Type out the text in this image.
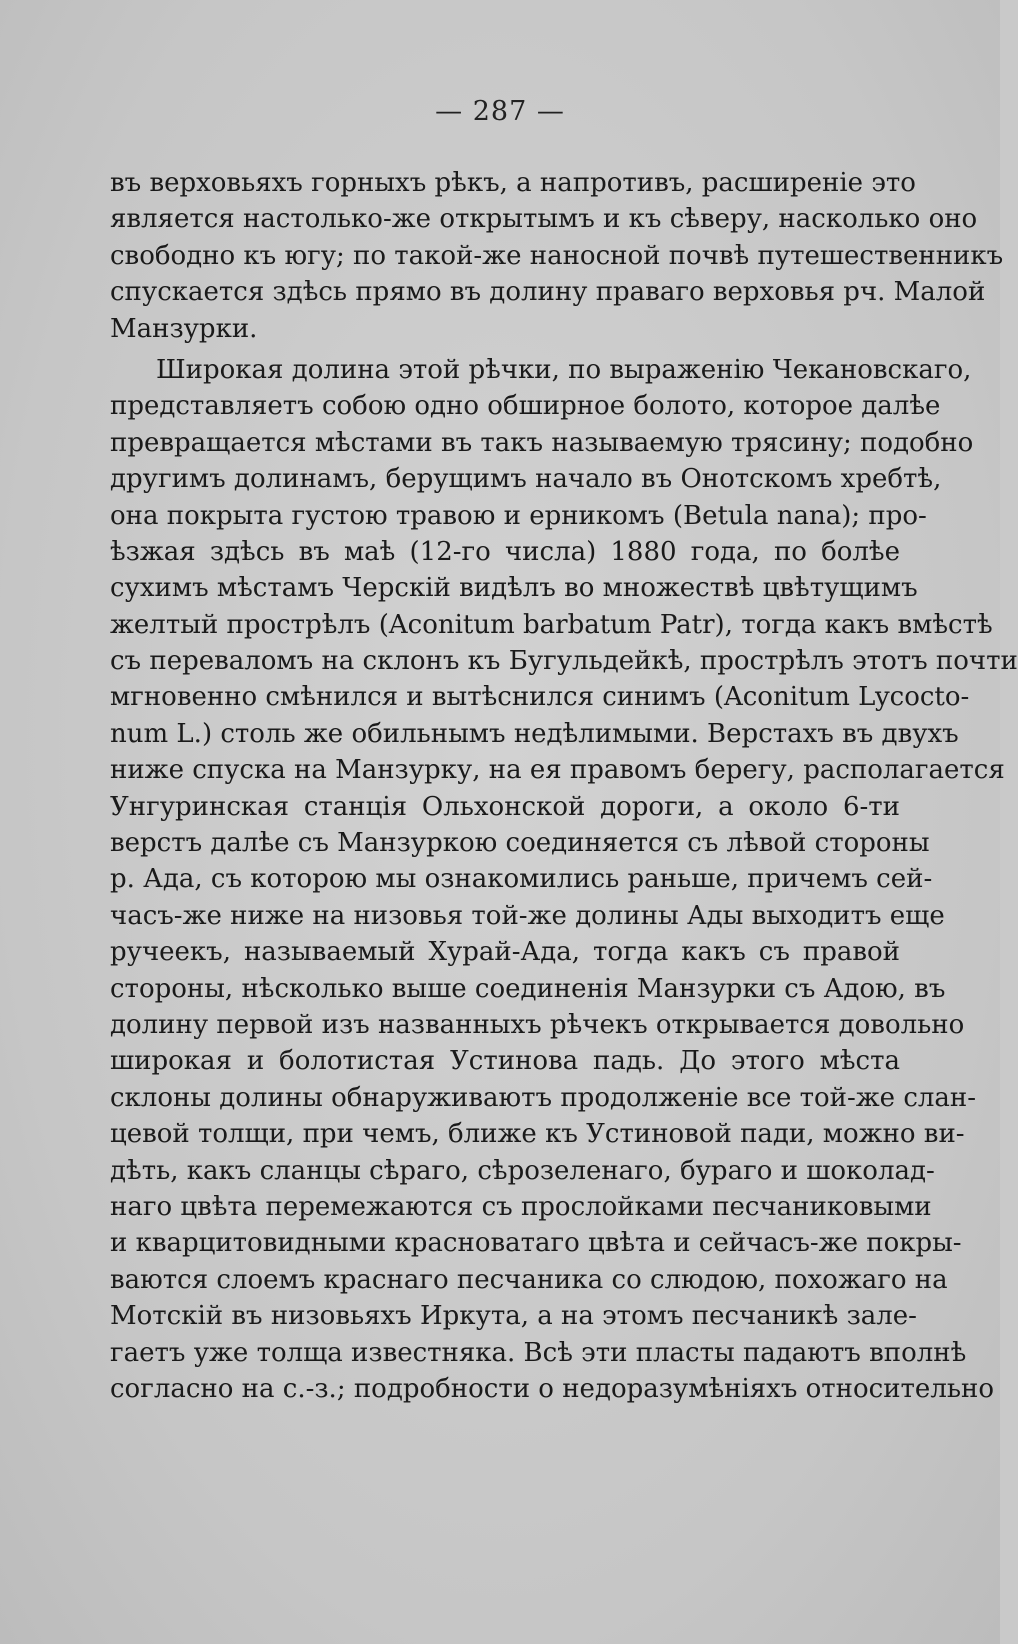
— 287 —
въ верховьяхъ горныхъ рѣкъ, а напротивъ, расширеніе это
является настолько-же открытымъ и къ сѣверу, насколько оно
свободно къ югу; по такой-же наносной почвѣ путешественникъ
спускается здѣсь прямо въ долину праваго верховья рч. Малой
Манзурки.
Широкая долина этой рѣчки, по выраженію Чекановскаго,
представляетъ собою одно обширное болото, которое далѣе
превращается мѣстами въ такъ называемую трясину; подобно
другимъ долинамъ, берущимъ начало въ Онотскомъ хребтѣ,
она покрыта густою травою и ерникомъ (Betula nana); про-
ѣзжая здѣсь въ маѣ (12-го числа) 1880 года, по болѣе
сухимъ мѣстамъ Черскій видѣлъ во множествѣ цвѣтущимъ
желтый прострѣлъ (Aconitum barbatum Patr), тогда какъ вмѣстѣ
съ переваломъ на склонъ къ Бугульдейкѣ, прострѣлъ этотъ почти
мгновенно смѣнился и вытѣснился синимъ (Aconitum Lycocto-
num L.) столь же обильнымъ недѣлимыми. Верстахъ въ двухъ
ниже спуска на Манзурку, на ея правомъ берегу, располагается
Унгуринская станція Ольхонской дороги, а около 6-ти
верстъ далѣе съ Манзуркою соединяется съ лѣвой стороны
р. Ада, съ которою мы ознакомились раньше, причемъ сей-
часъ-же ниже на низовья той-же долины Ады выходитъ еще
ручеекъ, называемый Хурай-Ада, тогда какъ съ правой
стороны, нѣсколько выше соединенія Манзурки съ Адою, въ
долину первой изъ названныхъ рѣчекъ открывается довольно
широкая и болотистая Устинова падь. До этого мѣста
склоны долины обнаруживаютъ продолженіе все той-же слан-
цевой толщи, при чемъ, ближе къ Устиновой пади, можно ви-
дѣть, какъ сланцы сѣраго, сѣрозеленаго, бураго и шоколад-
наго цвѣта перемежаются съ прослойками песчаниковыми
и кварцитовидными красноватаго цвѣта и сейчасъ-же покры-
ваются слоемъ краснаго песчаника со слюдою, похожаго на
Мотскій въ низовьяхъ Иркута, а на этомъ песчаникѣ зале-
гаетъ уже толща известняка. Всѣ эти пласты падаютъ вполнѣ
согласно на с.-з.; подробности о недоразумѣніяхъ относительно
